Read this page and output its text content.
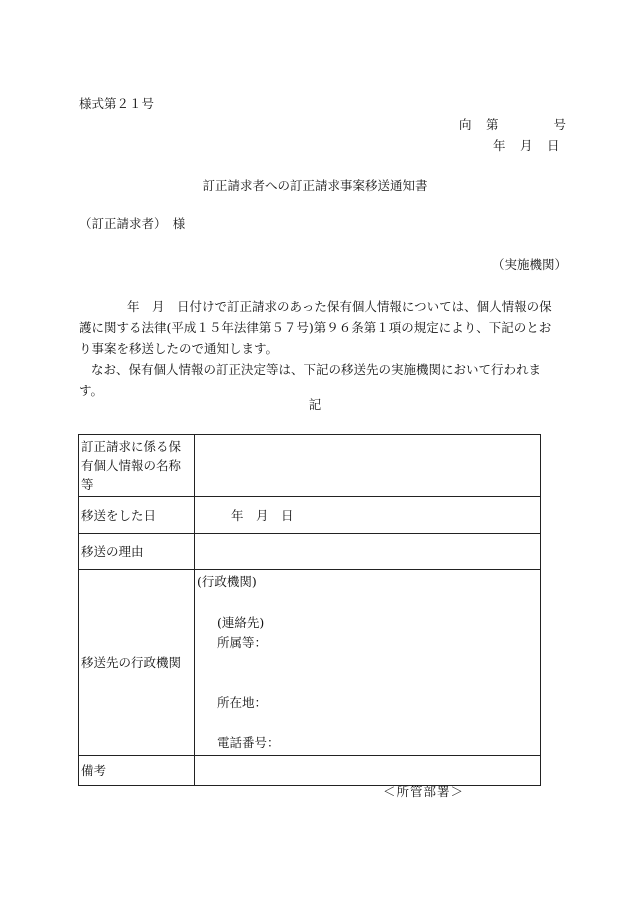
様式第２１号
向　第　　　　号
年　月　日
訂正請求者への訂正請求事案移送通知書
（訂正請求者）　様
（実施機関）

年　月　日付けで訂正請求のあった保有個人情報については、個人情報の保護に関する法律(平成１５年法律第５７号)第９６条第１項の規定により、下記のとおり事案を移送したので通知します。

なお、保有個人情報の訂正決定等は、下記の移送先の実施機関において行われます。

記
訂正請求に係る保有個人情報の名称等	
移送をした日	年　月　日
移送の理由	
移送先の行政機関	(行政機関)
(連絡先)
所属等：
所在地：
電話番号：

備考	
＜所管部署＞
